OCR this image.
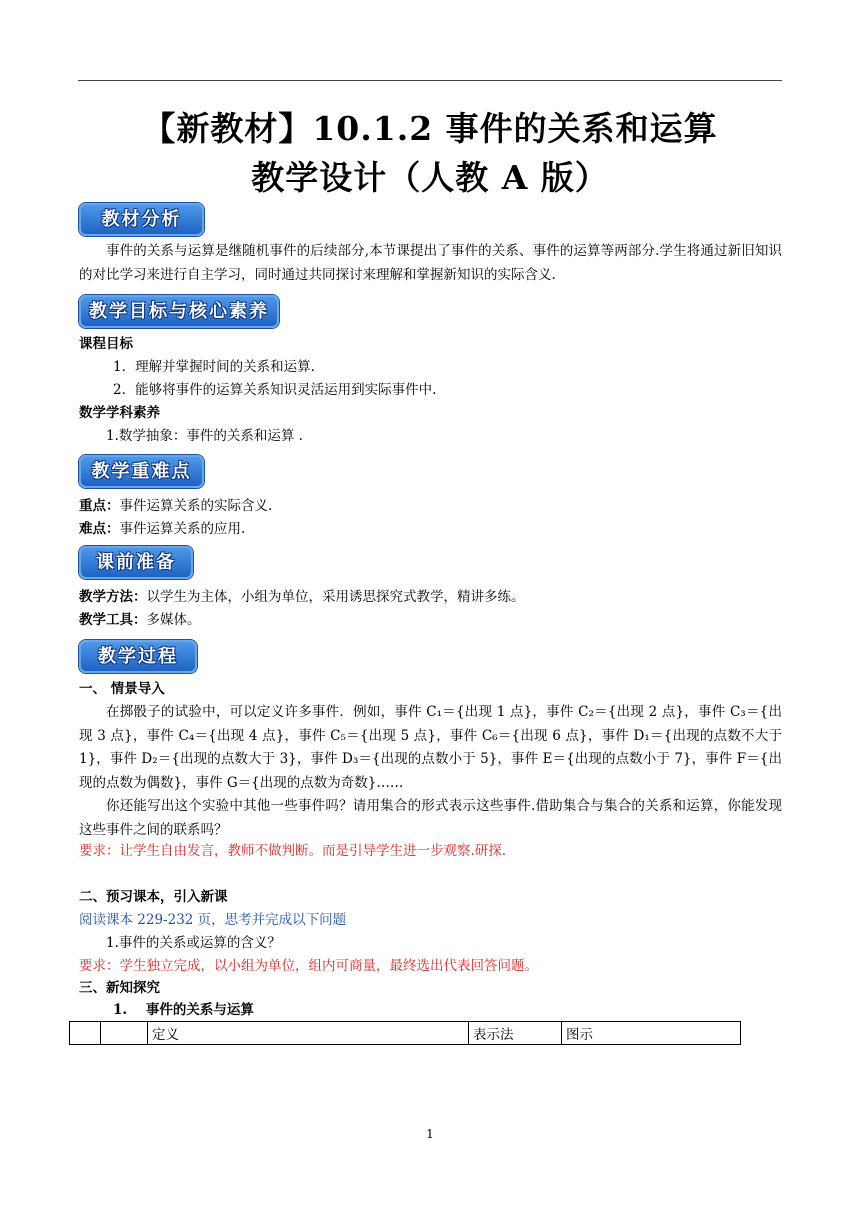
【新教材】10.1.2 事件的关系和运算
教学设计（人教 A 版）
教材分析
事件的关系与运算是继随机事件的后续部分,本节课提出了事件的关系、事件的运算等两部分.学生将通过新旧知识的对比学习来进行自主学习，同时通过共同探讨来理解和掌握新知识的实际含义.
教学目标与核心素养
课程目标
1．理解并掌握时间的关系和运算.
2．能够将事件的运算关系知识灵活运用到实际事件中.
数学学科素养
1.数学抽象：事件的关系和运算 .
教学重难点
重点：事件运算关系的实际含义.
难点：事件运算关系的应用.
课前准备
教学方法：以学生为主体，小组为单位，采用诱思探究式教学，精讲多练。
教学工具：多媒体。
教学过程
一、 情景导入
在掷骰子的试验中，可以定义许多事件．例如，事件 C₁＝{出现 1 点}，事件 C₂＝{出现 2 点}，事件 C₃＝{出现 3 点}，事件 C₄＝{出现 4 点}，事件 C₅＝{出现 5 点}，事件 C₆＝{出现 6 点}，事件 D₁＝{出现的点数不大于 1}，事件 D₂＝{出现的点数大于 3}，事件 D₃＝{出现的点数小于 5}，事件 E＝{出现的点数小于 7}，事件 F＝{出现的点数为偶数}，事件 G＝{出现的点数为奇数}……
你还能写出这个实验中其他一些事件吗？请用集合的形式表示这些事件.借助集合与集合的关系和运算，你能发现这些事件之间的联系吗？
要求：让学生自由发言，教师不做判断。而是引导学生进一步观察.研探.
二、预习课本，引入新课
阅读课本 229-232 页，思考并完成以下问题
1.事件的关系或运算的含义？
要求：学生独立完成，以小组为单位，组内可商量，最终选出代表回答问题。
三、新知探究
1.    事件的关系与运算
		定义	表示法	图示
1
